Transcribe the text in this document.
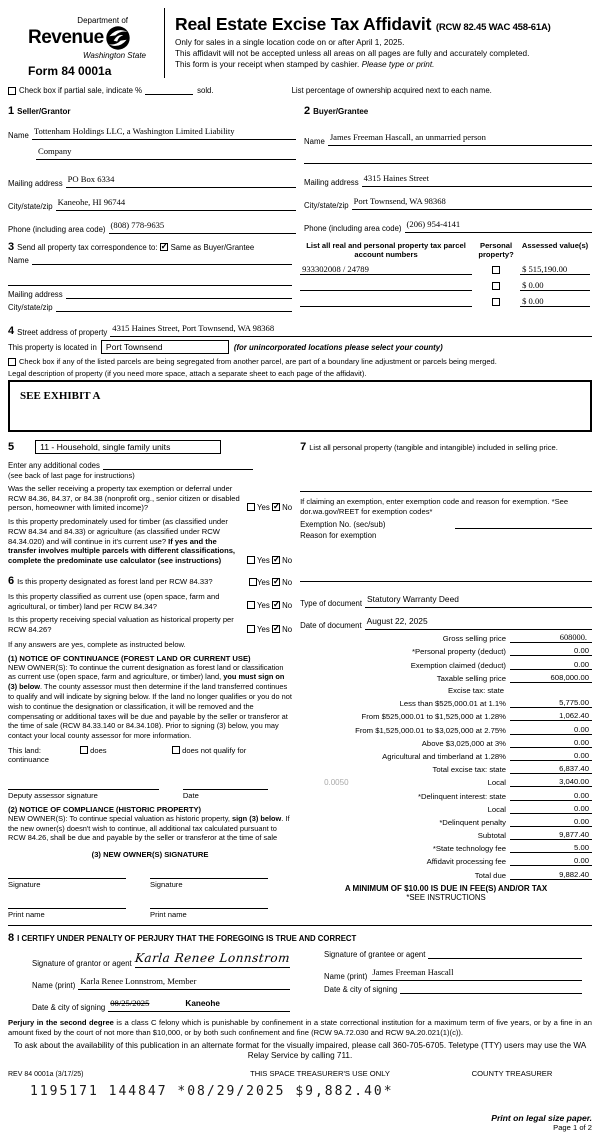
Department of
Revenue
Washington State
Form 84 0001a
Real Estate Excise Tax Affidavit (RCW 82.45 WAC 458-61A)
Only for sales in a single location code on or after April 1, 2025.
This affidavit will not be accepted unless all areas on all pages are fully and accurately completed.
This form is your receipt when stamped by cashier. Please type or print.
Check box if partial sale, indicate %	sold.	List percentage of ownership acquired next to each name.
1 Seller/Grantor
Name Tottenham Holdings LLC, a Washington Limited Liability
Company
Mailing address PO Box 6334
City/state/zip Kaneohe, HI 96744
Phone (including area code) (808) 778-9635
2 Buyer/Grantee
Name James Freeman Hascall, an unmarried person
Mailing address 4315 Haines Street
City/state/zip Port Townsend, WA 98368
Phone (including area code) (206) 954-4141
3 Send all property tax correspondence to: ✓ Same as Buyer/Grantee
Name
Mailing address
City/state/zip
List all real and personal property tax parcel account numbers
Personal property?
Assessed value(s)
933302008 / 24789	$ 515,190.00
$ 0.00
$ 0.00
4 Street address of property 4315 Haines Street, Port Townsend, WA 98368
This property is located in	Port Townsend	(for unincorporated locations please select your county)
Check box if any of the listed parcels are being segregated from another parcel, are part of a boundary line adjustment or parcels being merged.
Legal description of property (if you need more space, attach a separate sheet to each page of the affidavit).
SEE EXHIBIT A
5	11 - Household, single family units
Enter any additional codes
(see back of last page for instructions)
Was the seller receiving a property tax exemption or deferral under RCW 84.36, 84.37, or 84.38 (nonprofit org., senior citizen or disabled person, homeowner with limited income)?	Yes ✓ No
Is this property predominately used for timber (as classified under RCW 84.34 and 84.33) or agriculture (as classified under RCW 84.34.020) and will continue in it's current use? If yes and the transfer involves multiple parcels with different classifications, complete the predominate use calculator (see instructions)	Yes ✓ No
6 Is this property designated as forest land per RCW 84.33?	Yes ✓ No
Is this property classified as current use (open space, farm and agricultural, or timber) land per RCW 84.34?	Yes ✓ No
Is this property receiving special valuation as historical property per RCW 84.26?	Yes ✓ No
If any answers are yes, complete as instructed below.
(1) NOTICE OF CONTINUANCE (FOREST LAND OR CURRENT USE)
NEW OWNER(S): To continue the current designation as forest land or classification as current use (open space, farm and agriculture, or timber) land, you must sign on (3) below. The county assessor must then determine if the land transferred continues to qualify and will indicate by signing below. If the land no longer qualifies or you do not wish to continue the designation or classification, it will be removed and the compensating or additional taxes will be due and payable by the seller or transferor at the time of sale (RCW 84.33.140 or 84.34.108). Prior to signing (3) below, you may contact your local county assessor for more information.
This land:
continuance
does	does not qualify for
Deputy assessor signature	Date
(2) NOTICE OF COMPLIANCE (HISTORIC PROPERTY)
NEW OWNER(S): To continue special valuation as historic property, sign (3) below. If the new owner(s) doesn't wish to continue, all additional tax calculated pursuant to RCW 84.26, shall be due and payable by the seller or transferor at the time of sale
(3) NEW OWNER(S) SIGNATURE
Signature	Signature
Print name	Print name
7 List all personal property (tangible and intangible) included in selling price.
If claiming an exemption, enter exemption code and reason for exemption. *See dor.wa.gov/REET for exemption codes*
Exemption No. (sec/sub)
Reason for exemption
Type of document Statutory Warranty Deed
Date of document August 22, 2025
Gross selling price	608000.
*Personal property (deduct)	0.00
Exemption claimed (deduct)	0.00
Taxable selling price	608,000.00
Excise tax: state
Less than $525,000.01 at 1.1%	5,775.00
From $525,000.01 to $1,525,000 at 1.28%	1,062.40
From $1,525,000.01 to $3,025,000 at 2.75%	0.00
Above $3,025,000 at 3%	0.00
Agricultural and timberland at 1.28%	0.00
Total excise tax: state	6,837.40
0.0050	Local	3,040.00
*Delinquent interest: state	0.00
Local	0.00
*Delinquent penalty	0.00
Subtotal	9,877.40
*State technology fee	5.00
Affidavit processing fee	0.00
Total due	9,882.40
A MINIMUM OF $10.00 IS DUE IN FEE(S) AND/OR TAX
*SEE INSTRUCTIONS
8 I CERTIFY UNDER PENALTY OF PERJURY THAT THE FOREGOING IS TRUE AND CORRECT
Signature of grantor or agent Karla Renee Lonnstrom
Name (print) Karla Renee Lonnstrom, Member
Date & city of signing 08/25/2025	Kaneohe
Signature of grantee or agent
Name (print) James Freeman Hascall
Date & city of signing
Perjury in the second degree is a class C felony which is punishable by confinement in a state correctional institution for a maximum term of five years, or by a fine in an amount fixed by the court of not more than $10,000, or by both such confinement and fine (RCW 9A.72.030 and RCW 9A.20.021(1)(c)).
To ask about the availability of this publication in an alternate format for the visually impaired, please call 360-705-6705. Teletype (TTY) users may use the WA Relay Service by calling 711.
REV 84 0001a (3/17/25)	THIS SPACE TREASURER'S USE ONLY	COUNTY TREASURER
1195171 144847 *08/29/2025 $9,882.40*
Print on legal size paper.
Page 1 of 2
